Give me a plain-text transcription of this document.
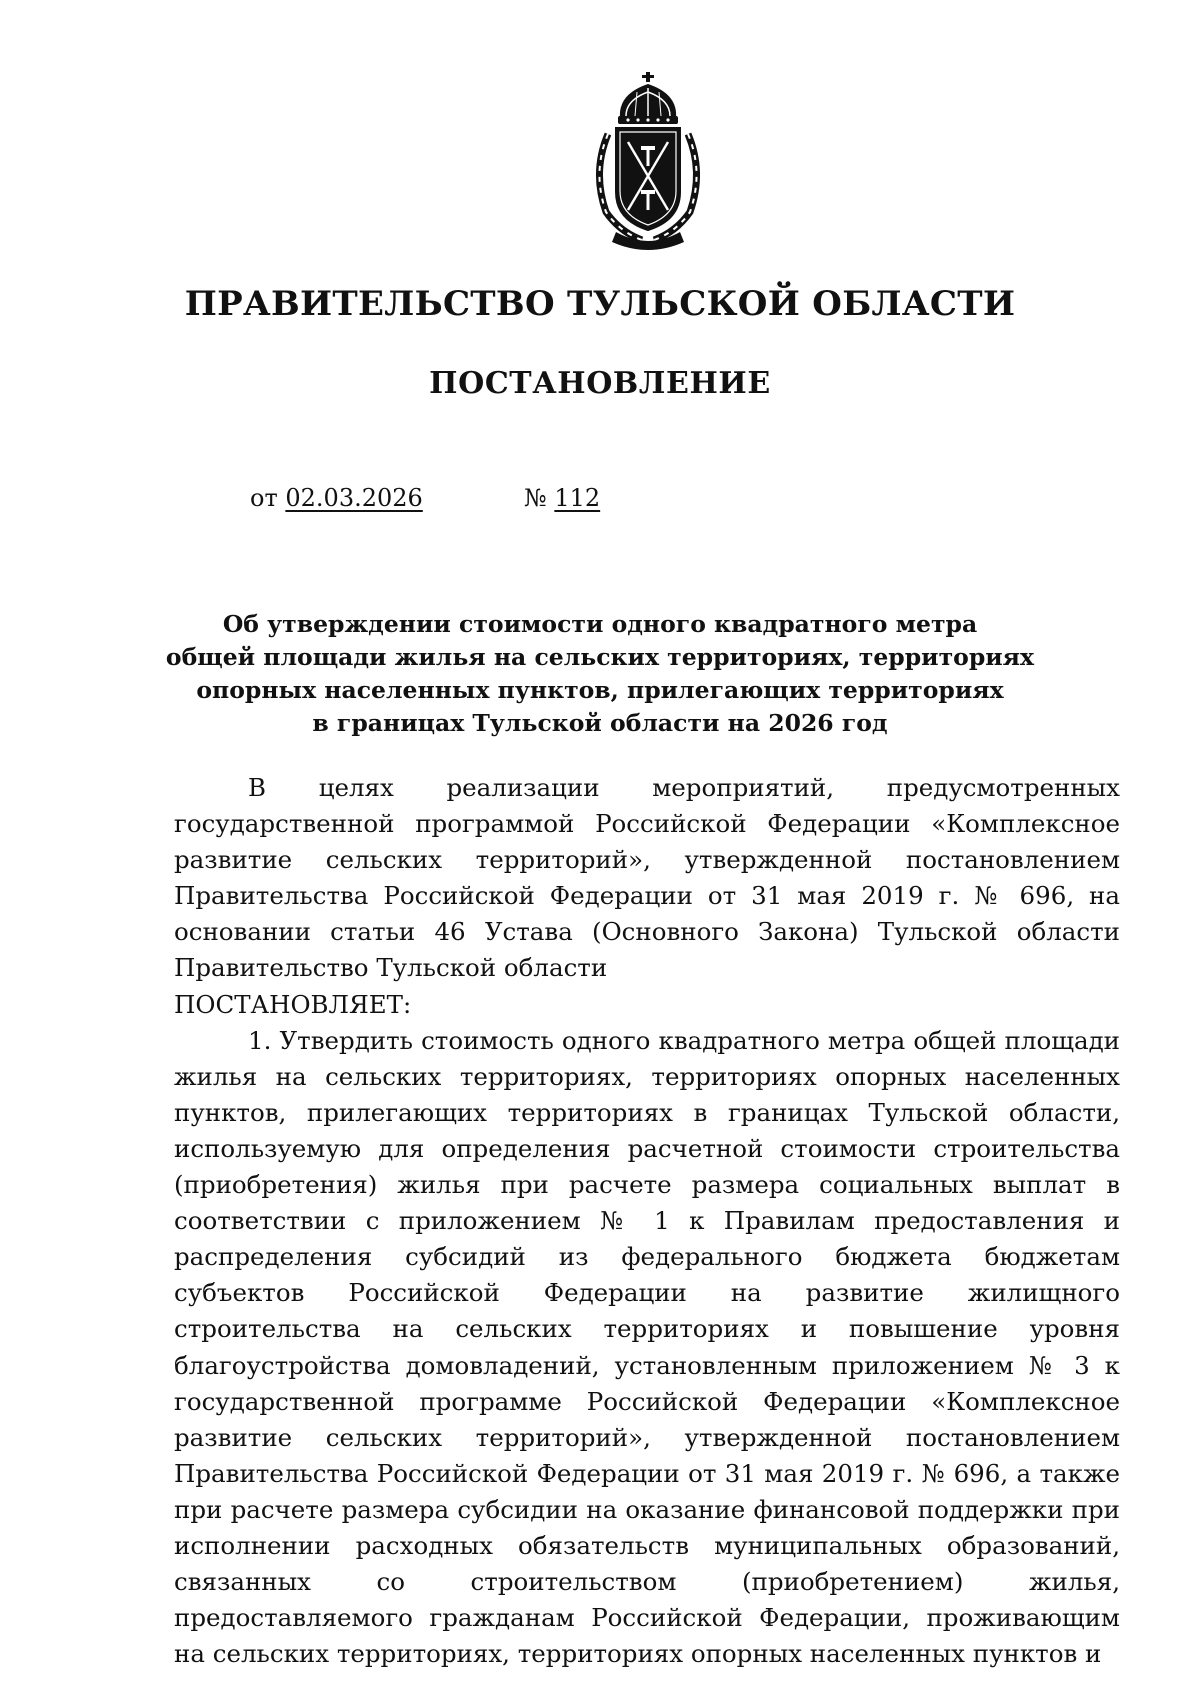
ПРАВИТЕЛЬСТВО ТУЛЬСКОЙ ОБЛАСТИ
ПОСТАНОВЛЕНИЕ
от 02.03.2026	№ 112
Об утверждении стоимости одного квадратного метра
общей площади жилья на сельских территориях, территориях
опорных населенных пунктов, прилегающих территориях
в границах Тульской области на 2026 год

В целях реализации мероприятий, предусмотренных государственной программой Российской Федерации «Комплексное развитие сельских территорий», утвержденной постановлением Правительства Российской Федерации от 31 мая 2019 г. № 696, на основании статьи 46 Устава (Основного Закона) Тульской области Правительство Тульской области

ПОСТАНОВЛЯЕТ:

1. Утвердить стоимость одного квадратного метра общей площади жилья на сельских территориях, территориях опорных населенных пунктов, прилегающих территориях в границах Тульской области, используемую для определения расчетной стоимости строительства (приобретения) жилья при расчете размера социальных выплат в соответствии с приложением № 1 к Правилам предоставления и распределения субсидий из федерального бюджета бюджетам субъектов Российской Федерации на развитие жилищного строительства на сельских территориях и повышение уровня благоустройства домовладений, установленным приложением № 3 к государственной программе Российской Федерации «Комплексное развитие сельских территорий», утвержденной постановлением Правительства Российской Федерации от 31 мая 2019 г. № 696, а также при расчете размера субсидии на оказание финансовой поддержки при исполнении расходных обязательств муниципальных образований, связанных со строительством (приобретением) жилья, предоставляемого гражданам Российской Федерации, проживающим на сельских территориях, территориях опорных населенных пунктов и
